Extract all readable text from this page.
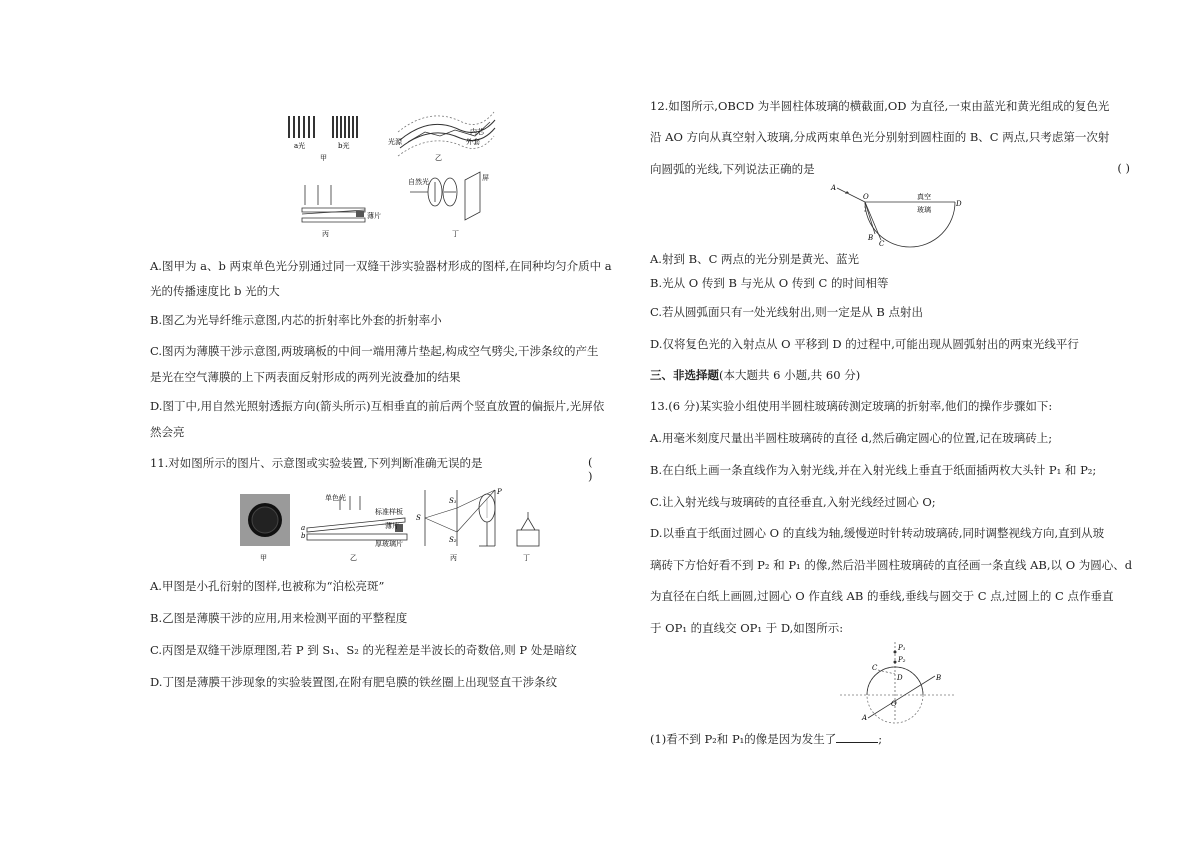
a光	b光
甲
光源
内芯
外套
乙
薄片
丙
自然光	屏
丁
A.图甲为 a、b 两束单色光分别通过同一双缝干涉实验器材形成的图样,在同种均匀介质中 a
光的传播速度比 b 光的大
B.图乙为光导纤维示意图,内芯的折射率比外套的折射率小
C.图丙为薄膜干涉示意图,两玻璃板的中间一端用薄片垫起,构成空气劈尖,干涉条纹的产生
是光在空气薄膜的上下两表面反射形成的两列光波叠加的结果
D.图丁中,用自然光照射透振方向(箭头所示)互相垂直的前后两个竖直放置的偏振片,光屏依
然会亮
11.对如图所示的图片、示意图或实验装置,下列判断准确无误的是	( )
甲
单色光
标准样板
薄片
厚玻璃片
a
b
乙
S
S₁
S₂
P
丙	丁
A.甲图是小孔衍射的图样,也被称为“泊松亮斑”
B.乙图是薄膜干涉的应用,用来检测平面的平整程度
C.丙图是双缝干涉原理图,若 P 到 S₁、S₂ 的光程差是半波长的奇数倍,则 P 处是暗纹
D.丁图是薄膜干涉现象的实验装置图,在附有肥皂膜的铁丝圈上出现竖直干涉条纹
12.如图所示,OBCD 为半圆柱体玻璃的横截面,OD 为直径,一束由蓝光和黄光组成的复色光
沿 AO 方向从真空射入玻璃,分成两束单色光分别射到圆柱面的 B、C 两点,只考虑第一次射
向圆弧的光线,下列说法正确的是	( )
A
O
B
C
D
真空
玻璃
A.射到 B、C 两点的光分别是黄光、蓝光
B.光从 O 传到 B 与光从 O 传到 C 的时间相等
C.若从圆弧面只有一处光线射出,则一定是从 B 点射出
D.仅将复色光的入射点从 O 平移到 D 的过程中,可能出现从圆弧射出的两束光线平行
三、非选择题(本大题共 6 小题,共 60 分)
13.(6 分)某实验小组使用半圆柱玻璃砖测定玻璃的折射率,他们的操作步骤如下:
A.用毫米刻度尺量出半圆柱玻璃砖的直径 d,然后确定圆心的位置,记在玻璃砖上;
B.在白纸上画一条直线作为入射光线,并在入射光线上垂直于纸面插两枚大头针 P₁ 和 P₂;
C.让入射光线与玻璃砖的直径垂直,入射光线经过圆心 O;
D.以垂直于纸面过圆心 O 的直线为轴,缓慢逆时针转动玻璃砖,同时调整视线方向,直到从玻
璃砖下方恰好看不到 P₂ 和 P₁ 的像,然后沿半圆柱玻璃砖的直径画一条直线 AB,以 O 为圆心、d
为直径在白纸上画圆,过圆心 O 作直线 AB 的垂线,垂线与圆交于 C 点,过圆上的 C 点作垂直
于 OP₁ 的直线交 OP₁ 于 D,如图所示:
P₁
P₂
C
D
O
A
B
(1)看不到 P₂和 P₁的像是因为发生了	;
